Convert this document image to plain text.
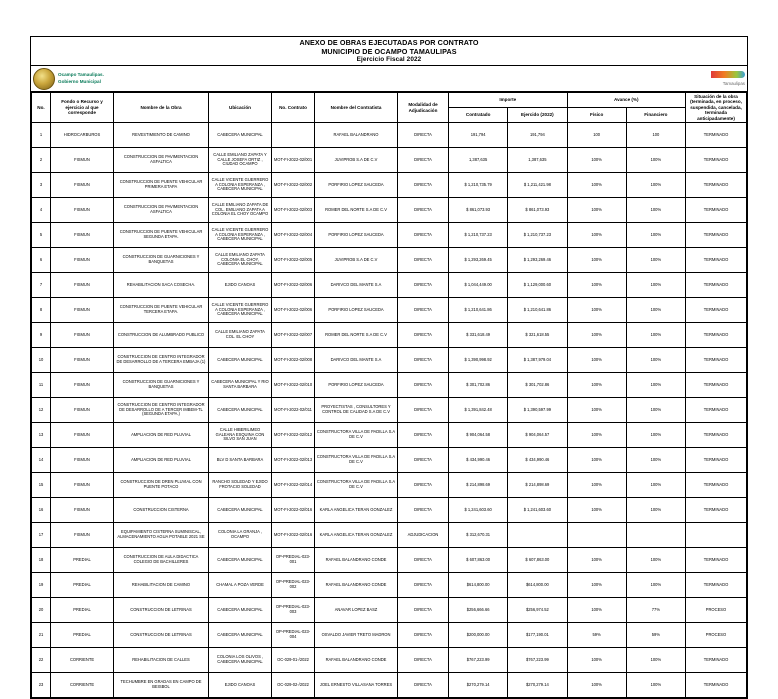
ANEXO DE OBRAS EJECUTADAS POR CONTRATO
MUNICIPIO DE OCAMPO TAMAULIPAS
Ejercicio Fiscal 2022
Ocampo Tamaulipas.
Gobierno Municipal	Tamaulipas
No.	Fondo o Recurso y ejercicio al que corresponde	Nombre de la Obra	Ubicación	No. Contrato	Nombre del Contratista	Modalidad de Adjudicación	Importe		Avance (%)		Situación de la obra (terminada, en proceso, suspendida, cancelada, terminada anticipadamente)
							Contratado	Ejercido (2022)	Físico	Financiero	
1	HIDROCARBUROS	REVESTIMIENTO DE CAMINO	CABECERA MUNICIPAL		RAFAEL BALANDRANO	DIRECTA	191,794	191,794	100	100	TERMINADO
2	FISMUN	CONSTRUCCION DE PAVIMENTACION ASFALTICA	CALLE EMILIANO ZAPATA Y CALLE JOSEFA ORTIZ , CIUDAD OCAMPO	MOT-FI-2022-02/001	JUVIPROB S.A DE C.V	DIRECTA	1,387,635	1,387,635	100%	100%	TERMINADO
3	FISMUN	CONSTRUCCION DE PUENTE VEHICULAR PRIMERA ETAPA	CALLE VICENTE GUERRERO A COLONIA ESPERANZA , CABECERA MUNICIPAL	MOT-FI-2022-02/002	PORFIRIO LOPEZ SAUCEDA	DIRECTA	$ 1,210,735.79	$ 1,211,421.98	100%	100%	TERMINADO
4	FISMUN	CONSTRUCCION DE PAVIMENTACION ASFALTICA	CALLE EMILIANO ZAPATA DE COL. EMILIANO ZAPATA A COLONIA EL CHOY OCAMPO	MOT-FI-2022-02/003	ROMER DEL NORTE S.A DE C.V	DIRECTA	$ 861,073.93	$ 861,073.93	100%	100%	TERMINADO
5	FISMUN	CONSTRUCCION DE PUENTE VEHICULAR SEGUNDA ETAPA.	CALLE VICENTE GUERRERO A COLONIA ESPERANZA , CABECERA MUNICIPAL	MOT-FI-2022-02/004	PORFIRIO LOPEZ SAUCEDA	DIRECTA	$ 1,210,737.23	$ 1,210,737.23	100%	100%	TERMINADO
6	FISMUN	CONSTRUCCION DE GUARNICIONES Y BANQUETAS	CALLE EMILIANO ZAPATA COLONIA EL CHOY, CABECERA MUNICIPAL	MOT-FI-2022-02/005	JUVIPROB S.A DE C.V	DIRECTA	$ 1,293,269.45	$ 1,293,269.46	100%	100%	TERMINADO
7	FISMUN	REHABILITACION SACA COSECHA.	EJIDO CANOAS	MOT-FI-2022-02/006	DARIVCO DEL MANTE S.A	DIRECTA	$ 1,044,449.00	$ 1,129,000.60	100%	100%	TERMINADO
8	FISMUN	CONSTRUCCION DE PUENTE VEHICULAR TERCERA ETAPA.	CALLE VICENTE GUERRERO A COLONIA ESPERANZA , CABECERA MUNICIPAL	MOT-FI-2022-02/006	PORFIRIO LOPEZ SAUCEDA	DIRECTA	$ 1,210,641.86	$ 1,210,641.86	100%	100%	TERMINADO
9	FISMUN	CONSTRUCCION DE ALUMBRADO PUBLICO	CALLE EMILIANO ZAPATA COL. EL CHOY	MOT-FI-2022-02/007	ROMER DEL NORTE S.A DE C.V	DIRECTA	$ 331,618.49	$ 321,618.55	100%	100%	TERMINADO
10	FISMUN	CONSTRUCCION DE CENTRO INTEGRADOR DE DESARROLLO DE A TERCERA EMBAJA (1)	CABECERA MUNICIPAL	MOT-FI-2022-02/008	DARIVCO DEL MANTE S.A	DIRECTA	$ 1,390,998.92	$ 1,387,979.04	100%	100%	TERMINADO
11	FISMUN	CONSTRUCCION DE GUARNICIONES Y BANQUETAS	CABECERA MUNICIPAL Y RIO SANTA BARBARA	MOT-FI-2022-02/010	PORFIRIO LOPEZ SAUCEDA	DIRECTA	$ 301,702.86	$ 301,702.86	100%	100%	TERMINADO
12	FISMUN	CONSTRUCCION DE CENTRO INTEGRADOR DE DESARROLLO DE A TERCER IMBEM-TL (SEGUNDA ETAPA.)	CABECERA MUNICIPAL	MOT-FI-2022-02/011	PROYECTISTAS , CONSULTORES Y CONTROL DE CALIDAD S.A DE C.V	DIRECTA	$ 1,391,842.48	$ 1,390,597.99	100%	100%	TERMINADO
13	FISMUN	AMPLIACION DE RED PLUVIAL	CALLE HIBERILIMEO GALEANA ESQUINA CON SILVO SAN JUAN	MOT-FI-2022-02/012	CONSTRUCTORA VILLA DE PADILLA S.A DE C.V	DIRECTA	$ 904,064.58	$ 904,064.57	100%	100%	TERMINADO
14	FISMUN	AMPLIACION DE RED PLUVIAL	BLV D SANTA BARBARA	MOT-FI-2022-02/013	CONSTRUCTORA VILLA DE PADILLA S.A DE C.V	DIRECTA	$ 434,990.46	$ 434,990.46	100%	100%	TERMINADO
15	FISMUN	CONSTRUCCION DE DREN PLUVIAL CON PUENTE POTACO	RANCHO SOLEDAD Y EJIDO FROTACIO SOLEDAD	MOT-FI-2022-02/014	CONSTRUCTORA VILLA DE PADILLA S.A DE C.V	DIRECTA	$ 214,898.69	$ 214,898.69	100%	100%	TERMINADO
16	FISMUN	CONSTRUCCION CISTERNA	CABECERA MUNICIPAL	MOT-FI-2022-02/016	KARLA ANGELICA TERAN GONZALEZ	DIRECTA	$ 1,241,603.60	$ 1,241,603.60	100%	100%	TERMINADO
17	FISMUN	EQUIPAMIENTO CISTERNA SUMINISCAL, ALMACENAMIENTO AGUA POTABLE 2021 SE	COLONIA LA GRANJA , OCAMPO	MOT-FI-2022-02/016	KARLA ANGELICA TERAN GONZALEZ	ADJUDICACION	$ 312,670.31				
18	PREDIAL	CONSTRUCCION DE AULA DIDACTICA COLEGIO DE BACHILLERES	CABECERA MUNICIPAL	OP-PREDIAL-023-001	RAFAEL BALANDRANO CONDE	DIRECTA	$ 607,863.00	$ 607,863.00	100%	100%	TERMINADO
19	PREDIAL	REHABILITACION DE CAMINO	CHAMAL A POZA VERDE	OP-PREDIAL-023-002	RAFAEL BALANDRANO CONDE	DIRECTA	$614,800.00	$614,800.00	100%	100%	TERMINADO
20	PREDIAL	CONSTRUCCION DE LETRINAS	CABECERA MUNICIPAL	OP-PREDIAL-023-003	ANAVAR LOPEZ BASZ	DIRECTA	$256,666.66	$256,974.52	100%	77%	PROCESO
21	PREDIAL	CONSTRUCCION DE LETRINAS	CABECERA MUNICIPAL	OP-PREDIAL-023-004	OSVALDO JAVIER TRETO MADRON	DIRECTA	$200,000.00	$177,190.01	59%	59%	PROCESO
22	CORRIENTE	REHABILITACION DE CALLES	COLONIA LOS OLIVOS , CABECERA MUNICIPAL	OC-029-01-/2022	RAFAEL BALANDRANO CONDE	DIRECTA	$767,223.99	$767,223.99	100%	100%	TERMINADO
23	CORRIENTE	TECHUMBRE EN GRADAS EN CAMPO DE BEISBOL	EJIDO CANOAS	OC-029-02-/2022	JOEL ERNESTO VILLASANA TORRES	DIRECTA	$270,279.14	$270,279.14	100%	100%	TERMINADO
